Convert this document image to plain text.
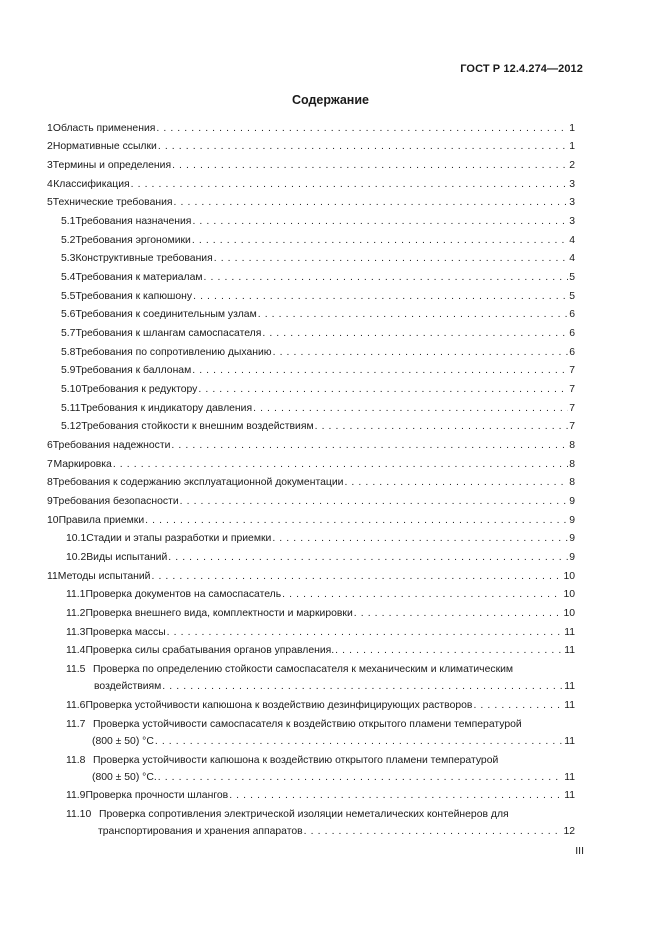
ГОСТ Р 12.4.274—2012
Содержание
1 Область применения . . .	1
2 Нормативные ссылки . . .	1
3 Термины и определения . . .	2
4 Классификация . . .	3
5 Технические требования . . .	3
5.1 Требования назначения . . .	3
5.2 Требования эргономики . . .	4
5.3 Конструктивные требования . . .	4
5.4 Требования к материалам . . .	5
5.5 Требования к капюшону . . .	5
5.6 Требования к соединительным узлам . . .	6
5.7 Требования к шлангам самоспасателя . . .	6
5.8 Требования по сопротивлению дыханию . . .	6
5.9 Требования к баллонам . . .	7
5.10 Требования к редуктору . . .	7
5.11 Требования к индикатору давления . . .	7
5.12 Требования стойкости к внешним воздействиям . . .	7
6 Требования надежности . . .	8
7 Маркировка . . .	8
8 Требования к содержанию эксплуатационной документации . . .	8
9 Требования безопасности . . .	9
10 Правила приемки . . .	9
10.1 Стадии и этапы разработки и приемки . . .	9
10.2 Виды испытаний . . .	9
11 Методы испытаний . . .	10
11.1 Проверка документов на самоспасатель . . .	10
11.2 Проверка внешнего вида, комплектности и маркировки . . .	10
11.3 Проверка массы . . .	11
11.4 Проверка силы срабатывания органов управления. . . .	11
11.5 Проверка по определению стойкости самоспасателя к механическим и климатическим
воздействиям . . .	11
11.6 Проверка устойчивости капюшона к воздействию дезинфицирующих растворов . . .	11
11.7 Проверка устойчивости самоспасателя к воздействию открытого пламени температурой
(800 ± 50) °C . . .	11
11.8 Проверка устойчивости капюшона к воздействию открытого пламени температурой
(800 ± 50) °C. . . .	11
11.9 Проверка прочности шлангов . . .	11
11.10 Проверка сопротивления электрической изоляции неметалических контейнеров для
транспортирования и хранения аппаратов . . .	12
III
